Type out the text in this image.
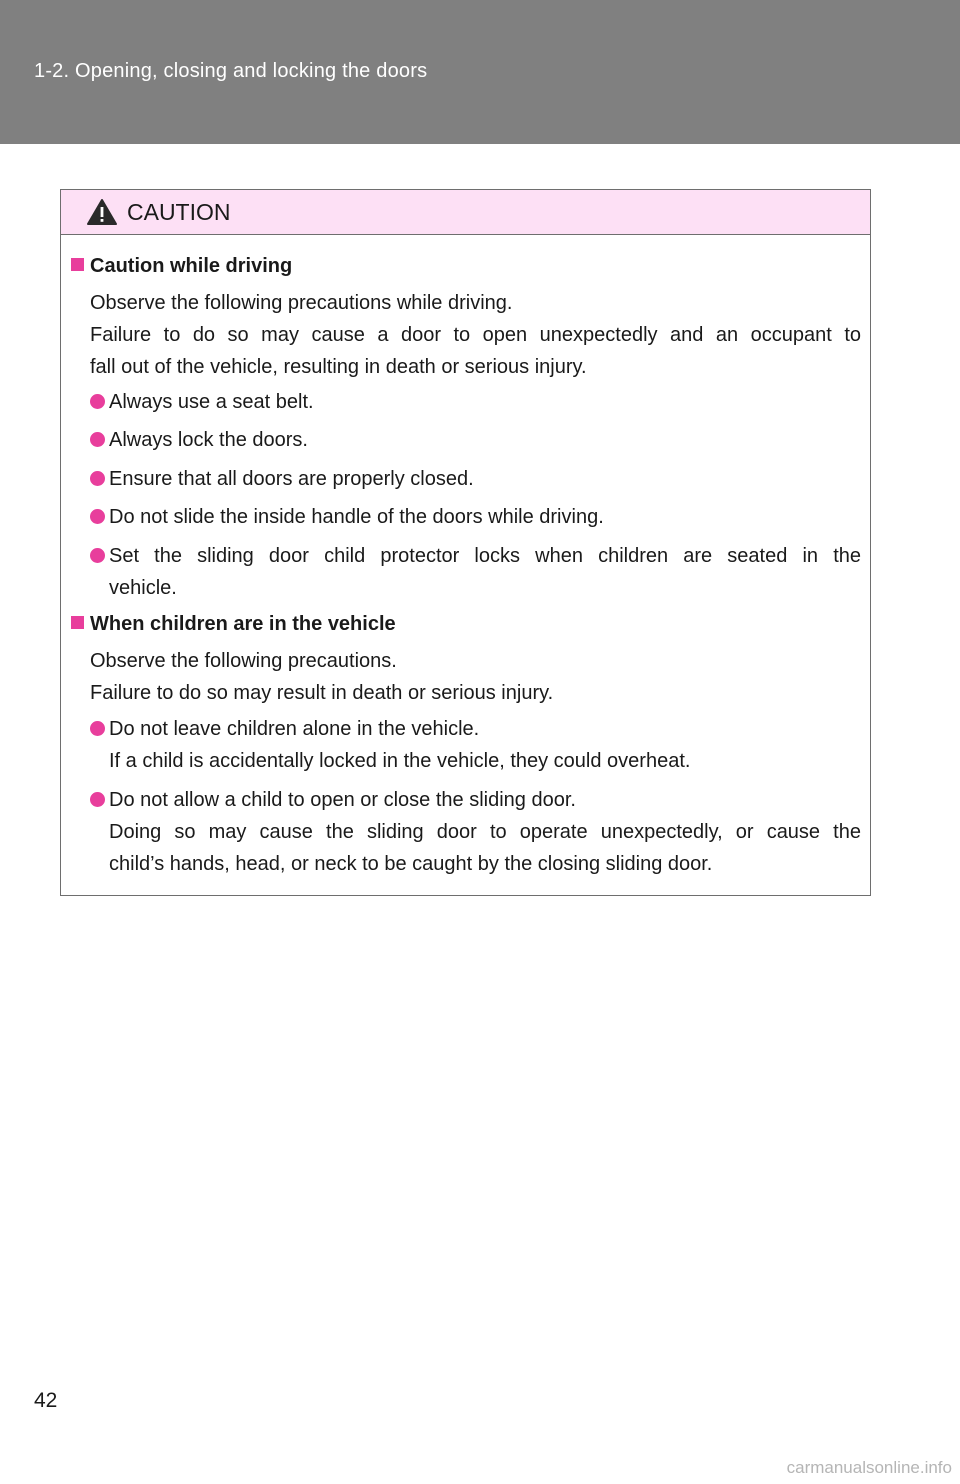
1-2. Opening, closing and locking the doors
CAUTION
Caution while driving
Observe the following precautions while driving.
Failure to do so may cause a door to open unexpectedly and an occupant to
fall out of the vehicle, resulting in death or serious injury.
Always use a seat belt.
Always lock the doors.
Ensure that all doors are properly closed.
Do not slide the inside handle of the doors while driving.
Set the sliding door child protector locks when children are seated in the
vehicle.
When children are in the vehicle
Observe the following precautions.
Failure to do so may result in death or serious injury.
Do not leave children alone in the vehicle.
If a child is accidentally locked in the vehicle, they could overheat.
Do not allow a child to open or close the sliding door.
Doing so may cause the sliding door to operate unexpectedly, or cause the
child’s hands, head, or neck to be caught by the closing sliding door.
42
carmanualsonline.info
